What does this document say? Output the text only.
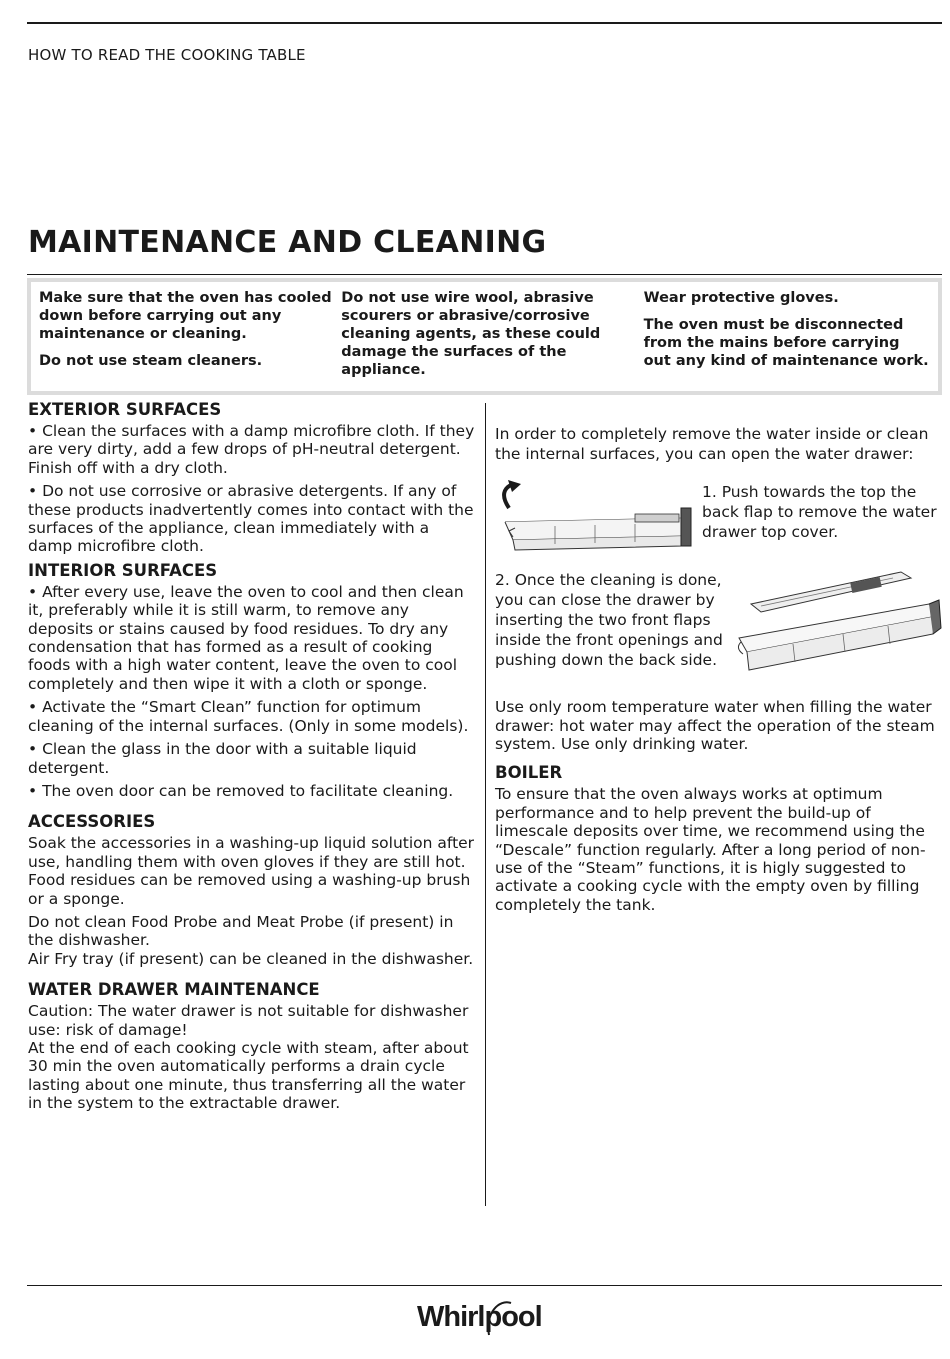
HOW TO READ THE COOKING TABLE
MAINTENANCE AND CLEANING

Make sure that the oven has cooled down before carrying out any maintenance or cleaning.

Do not use steam cleaners.

Do not use wire wool, abrasive scourers or abrasive/corrosive cleaning agents, as these could damage the surfaces of the appliance.

Wear protective gloves.

The oven must be disconnected from the mains before carrying out any kind of maintenance work.

EXTERIOR SURFACES

• Clean the surfaces with a damp microfibre cloth. If they are very dirty, add a few drops of pH-neutral detergent. Finish off with a dry cloth.

• Do not use corrosive or abrasive detergents. If any of these products inadvertently comes into contact with the surfaces of the appliance, clean immediately with a damp microfibre cloth.

INTERIOR SURFACES

• After every use, leave the oven to cool and then clean it, preferably while it is still warm, to remove any deposits or stains caused by food residues. To dry any condensation that has formed as a result of cooking foods with a high water content, leave the oven to cool completely and then wipe it with a cloth or sponge.

• Activate the “Smart Clean” function for optimum cleaning of the internal surfaces. (Only in some models).

• Clean the glass in the door with a suitable liquid detergent.

• The oven door can be removed to facilitate cleaning.

ACCESSORIES

Soak the accessories in a washing-up liquid solution after use, handling them with oven gloves if they are still hot. Food residues can be removed using a washing-up brush or a sponge.

Do not clean Food Probe and Meat Probe (if present) in the dishwasher.

Air Fry tray (if present) can be cleaned in the dishwasher.

WATER DRAWER MAINTENANCE

Caution: The water drawer is not suitable for dishwasher use: risk of damage!

At the end of each cooking cycle with steam, after about 30 min the oven automatically performs a drain cycle lasting about one minute, thus transferring all the water in the system to the extractable drawer.

In order to completely remove the water inside or clean the internal surfaces, you can open the water drawer:

1. Push towards the top the back flap to remove the water drawer top cover.
2. Once the cleaning is done, you can close the drawer by inserting the two front flaps inside the front openings and pushing down the back side.

Use only room temperature water when filling the water drawer: hot water may affect the operation of the steam system. Use only drinking water.

BOILER

To ensure that the oven always works at optimum performance and to help prevent the build-up of limescale deposits over time, we recommend using the “Descale” function regularly. After a long period of non-use of the “Steam” functions, it is higly suggested to activate a cooking cycle with the empty oven by filling completely the tank.

Whirlpool
